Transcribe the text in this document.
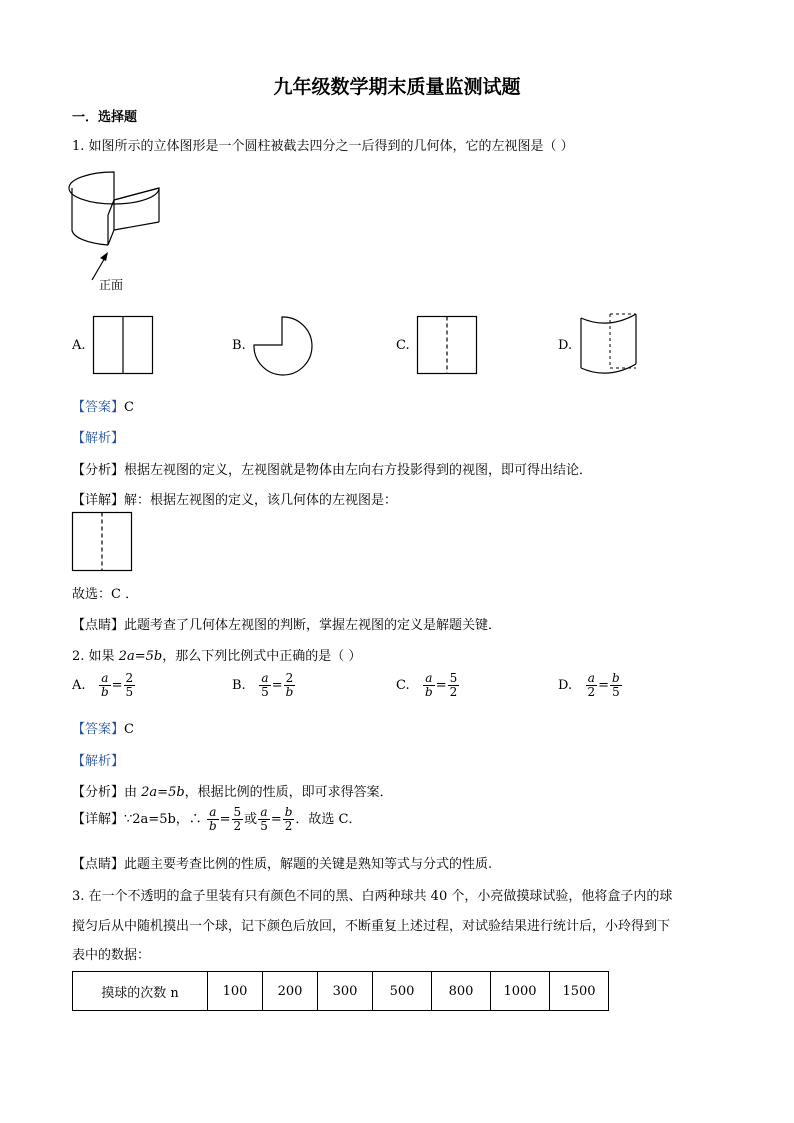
九年级数学期末质量监测试题
一．选择题
1. 如图所示的立体图形是一个圆柱被截去四分之一后得到的几何体，它的左视图是（ ）
正面
A.	B.	C.	D.
【答案】C
【解析】
【分析】根据左视图的定义，左视图就是物体由左向右方投影得到的视图，即可得出结论．
【详解】解：根据左视图的定义，该几何体的左视图是：
故选：C ．
【点睛】此题考查了几何体左视图的判断，掌握左视图的定义是解题关键．
2. 如果 2a=5b，那么下列比例式中正确的是（ ）
A. $\frac{a}{b} = \frac{2}{5}$	B. $\frac{a}{5} = \frac{2}{b}$	C. $\frac{a}{b} = \frac{5}{2}$	D. $\frac{a}{2} = \frac{b}{5}$
【答案】C
【解析】
【分析】由 2a=5b，根据比例的性质，即可求得答案．
【详解】∵2a=5b，∴ $\frac{a}{b} = \frac{5}{2}$ 或 $\frac{a}{5} = \frac{b}{2}$ ．故选 C．
【点睛】此题主要考查比例的性质，解题的关键是熟知等式与分式的性质.
3. 在一个不透明的盒子里装有只有颜色不同的黑、白两种球共 40 个，小亮做摸球试验，他将盒子内的球
搅匀后从中随机摸出一个球，记下颜色后放回，不断重复上述过程，对试验结果进行统计后，小玲得到下
表中的数据：
摸球的次数 n	100	200	300	500	800	1000	1500
